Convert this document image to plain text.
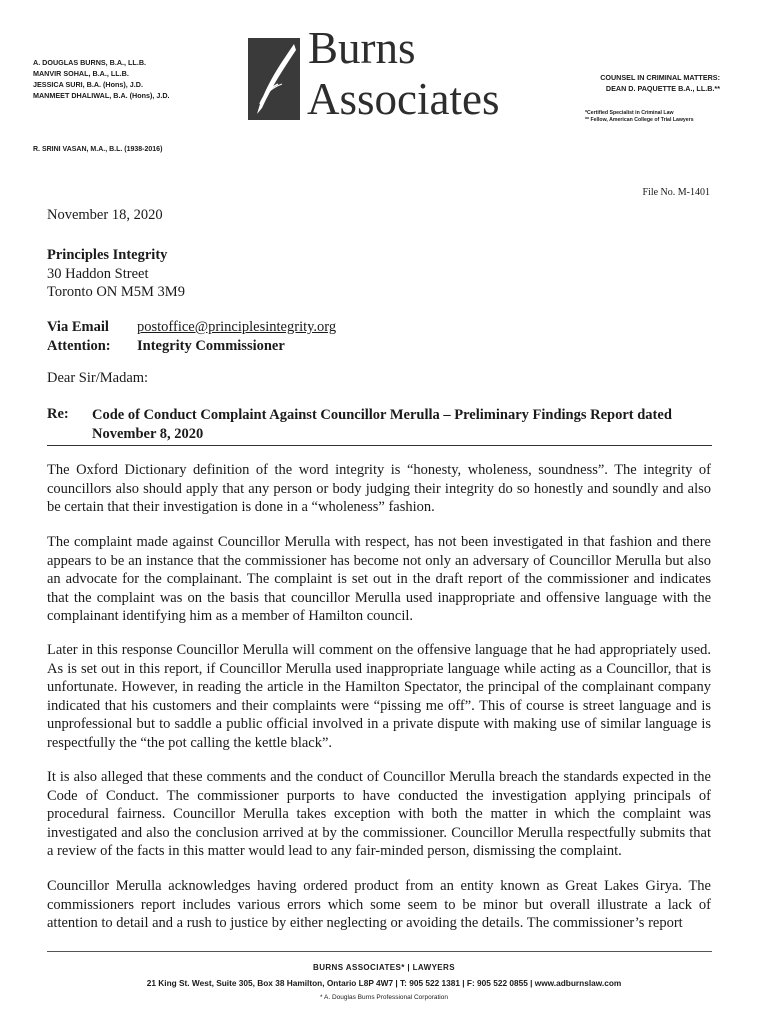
A. DOUGLAS BURNS, B.A., LL.B.
MANVIR SOHAL, B.A., LL.B.
JESSICA SURI, B.A. (Hons), J.D.
MANMEET DHALIWAL, B.A. (Hons), J.D.
R. SRINI VASAN, M.A., B.L. (1938-2016)
Burns
Associates	COUNSEL IN CRIMINAL MATTERS:
DEAN D. PAQUETTE B.A., LL.B.**
*Certified Specialist in Criminal Law
** Fellow, American College of Trial Lawyers
File No. M-1401
November 18, 2020
Principles Integrity
30 Haddon Street
Toronto ON M5M 3M9
Via Email	postoffice@principlesintegrity.org
Attention:	Integrity Commissioner
Dear Sir/Madam:
Re: Code of Conduct Complaint Against Councillor Merulla – Preliminary Findings Report dated
November 8, 2020
The Oxford Dictionary definition of the word integrity is “honesty, wholeness, soundness”. The integrity of councillors also should apply that any person or body judging their integrity do so honestly and soundly and also be certain that their investigation is done in a “wholeness” fashion.
The complaint made against Councillor Merulla with respect, has not been investigated in that fashion and there appears to be an instance that the commissioner has become not only an adversary of Councillor Merulla but also an advocate for the complainant. The complaint is set out in the draft report of the commissioner and indicates that the complaint was on the basis that councillor Merulla used inappropriate and offensive language with the complainant identifying him as a member of Hamilton council.
Later in this response Councillor Merulla will comment on the offensive language that he had appropriately used. As is set out in this report, if Councillor Merulla used inappropriate language while acting as a Councillor, that is unfortunate. However, in reading the article in the Hamilton Spectator, the principal of the complainant company indicated that his customers and their complaints were “pissing me off”. This of course is street language and is unprofessional but to saddle a public official involved in a private dispute with making use of similar language is respectfully the “the pot calling the kettle black”.
It is also alleged that these comments and the conduct of Councillor Merulla breach the standards expected in the Code of Conduct. The commissioner purports to have conducted the investigation applying principals of procedural fairness. Councillor Merulla takes exception with both the matter in which the complaint was investigated and also the conclusion arrived at by the commissioner. Councillor Merulla respectfully submits that a review of the facts in this matter would lead to any fair-minded person, dismissing the complaint.
Councillor Merulla acknowledges having ordered product from an entity known as Great Lakes Girya. The commissioners report includes various errors which some seem to be minor but overall illustrate a lack of attention to detail and a rush to justice by either neglecting or avoiding the details. The commissioner’s report
BURNS ASSOCIATES* | LAWYERS
21 King St. West, Suite 305, Box 38 Hamilton, Ontario L8P 4W7 | T: 905 522 1381 | F: 905 522 0855 | www.adburnslaw.com
* A. Douglas Burns Professional Corporation
